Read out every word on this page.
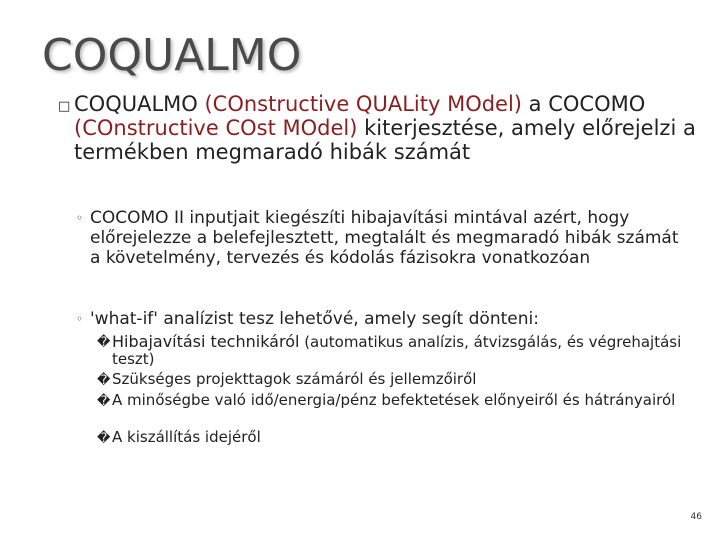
COQUALMO
□ COQUALMO (COnstructive QUALity MOdel) a COCOMO (COnstructive COst MOdel) kiterjesztése, amely előrejelzi a termékben megmaradó hibák számát
◦ COCOMO II inputjait kiegészíti hibajavítási mintával azért, hogy előrejelezze a belefejlesztett, megtalált és megmaradó hibák számát a követelmény, tervezés és kódolás fázisokra vonatkozóan
◦ 'what-if' analízist tesz lehetővé, amely segít dönteni:
� Hibajavítási technikáról (automatikus analízis, átvizsgálás, és végrehajtási teszt)
� Szükséges projekttagok számáról és jellemzőiről
� A minőségbe való idő/energia/pénz befektetések előnyeiről és hátrányairól
� A kiszállítás idejéről
46
